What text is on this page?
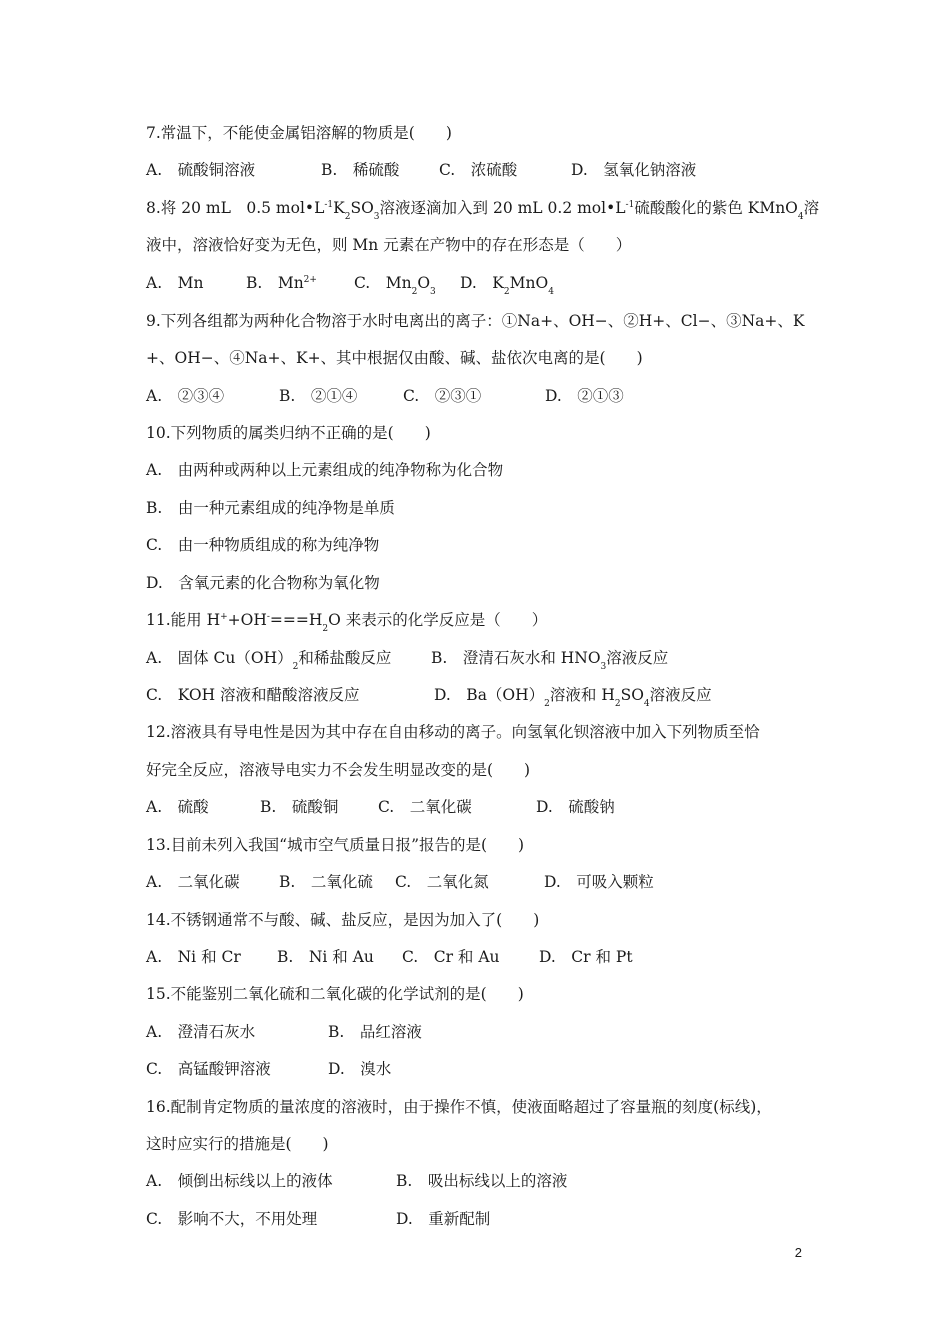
7.常温下，不能使金属铝溶解的物质是(　　)
A.　硫酸铜溶液	B.　稀硫酸	C.　浓硫酸	D.　氢氧化钠溶液
8.将 20 mL　0.5 $mol•L^{-1}K_2SO_3$溶液逐滴加入到 20 mL 0.2 $mol•L^{-1}$硫酸酸化的紫色 KMnO$_4$溶
液中，溶液恰好变为无色，则 Mn 元素在产物中的存在形态是（　　）
A.　Mn	B.　$Mn^{2+}$ C.　$Mn_2O_3$ D.　$K_2MnO_4$
9.下列各组都为两种化合物溶于水时电离出的离子：①Na+、OH−、②H+、Cl−、③Na+、K
+、OH−、④Na+、K+、其中根据仅由酸、碱、盐依次电离的是(　　)
A.　②③④	B.　②①④	C.　②③①	D.　②①③
10.下列物质的属类归纳不正确的是(　　)
A.　由两种或两种以上元素组成的纯净物称为化合物
B.　由一种元素组成的纯净物是单质
C.　由一种物质组成的称为纯净物
D.　含氧元素的化合物称为氧化物
11.能用 $H^++OH^-===H_2O$ 来表示的化学反应是（　　）
A.　固体 $Cu(OH)_2$和稀盐酸反应	B.　澄清石灰水和 $HNO_3$溶液反应
C.　KOH 溶液和醋酸溶液反应	D.　$Ba(OH)_2$溶液和 $H_2SO_4$溶液反应
12.溶液具有导电性是因为其中存在自由移动的离子。向氢氧化钡溶液中加入下列物质至恰
好完全反应，溶液导电实力不会发生明显改变的是(　　)
A.　硫酸	B.　硫酸铜	C.　二氧化碳	D.　硫酸钠
13.目前未列入我国“城市空气质量日报”报告的是(　　)
A.　二氧化碳	B.　二氧化硫 C.　二氧化氮	D.　可吸入颗粒
14.不锈钢通常不与酸、碱、盐反应，是因为加入了(　　)
A.　Ni 和 Cr B.　Ni 和 Au C.　Cr 和 Au	D.　Cr 和 Pt
15.不能鉴别二氧化硫和二氧化碳的化学试剂的是(　　)
A.　澄清石灰水	B.　品红溶液
C.　高锰酸钾溶液	D.　溴水
16.配制肯定物质的量浓度的溶液时，由于操作不慎，使液面略超过了容量瓶的刻度(标线)，
这时应实行的措施是(　　)
A.　倾倒出标线以上的液体	B.　吸出标线以上的溶液
C.　影响不大，不用处理	D.　重新配制
2
